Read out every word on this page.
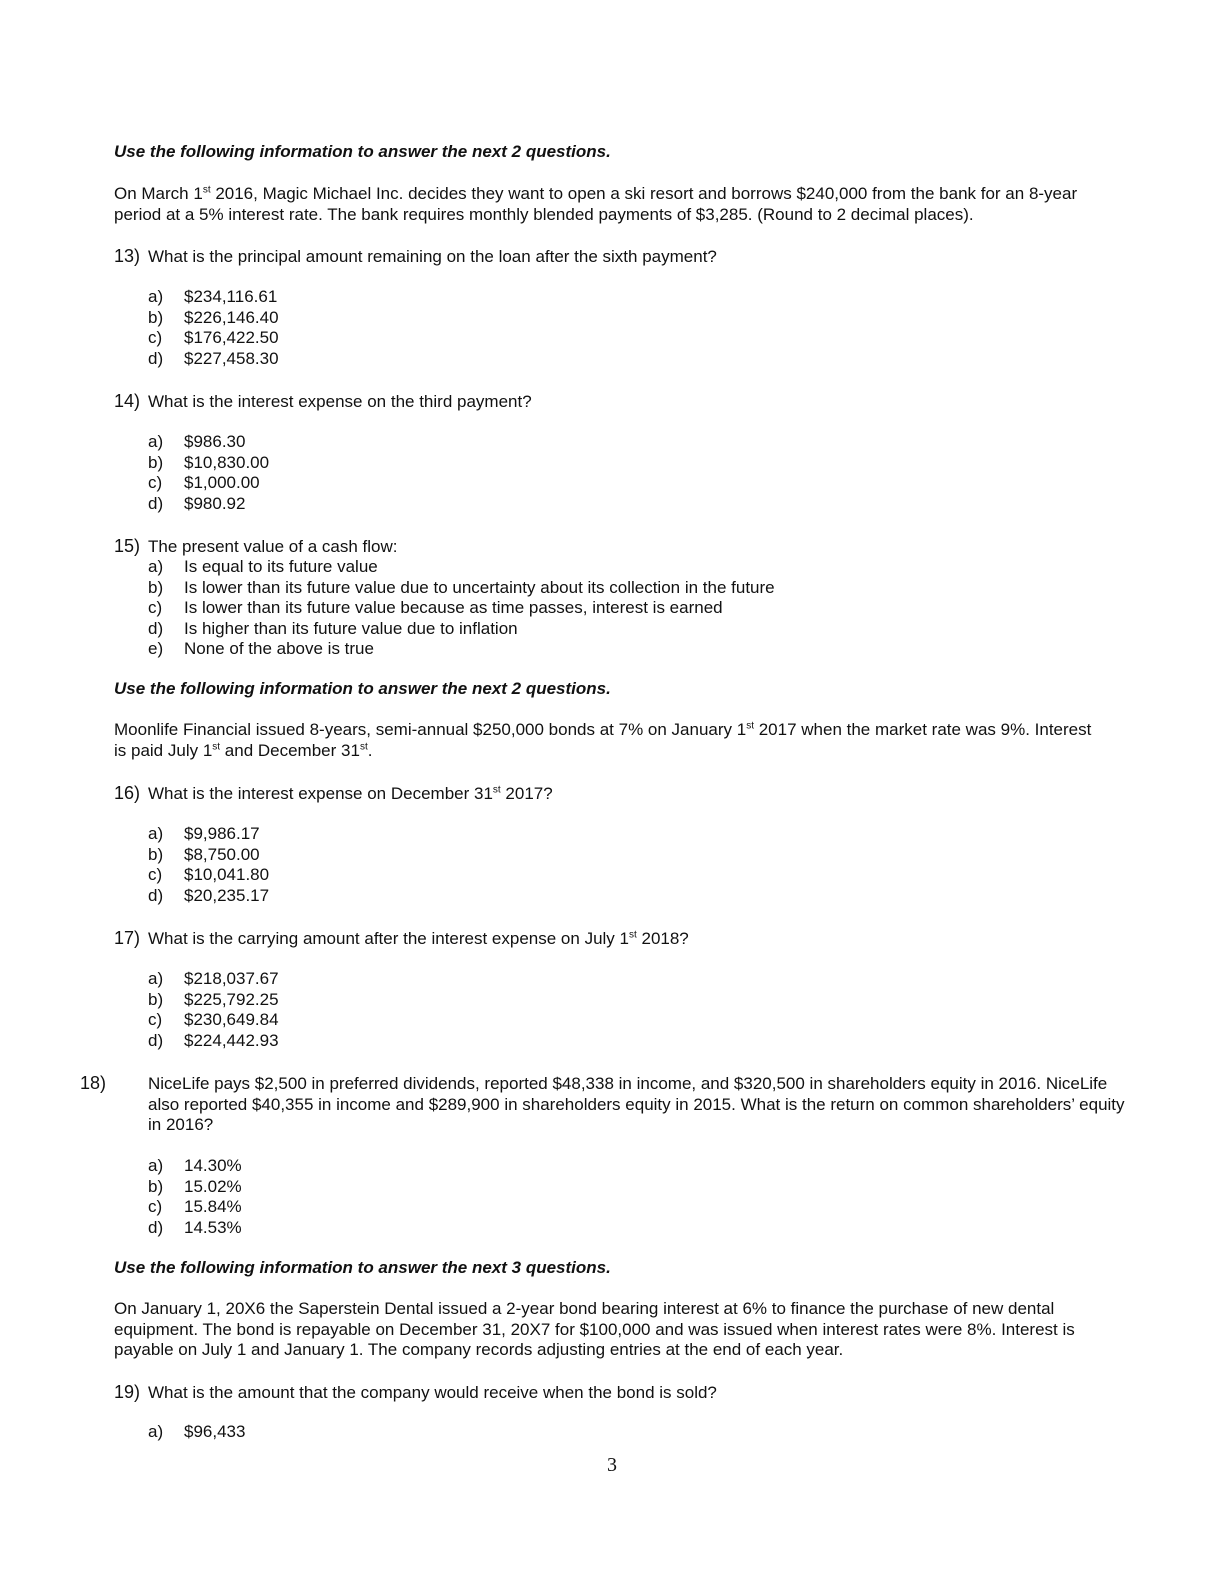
Use the following information to answer the next 2 questions.
On March 1st 2016, Magic Michael Inc. decides they want to open a ski resort and borrows $240,000 from the bank for an 8-year period at a 5% interest rate. The bank requires monthly blended payments of $3,285. (Round to 2 decimal places).
13) What is the principal amount remaining on the loan after the sixth payment?
a) $234,116.61
b) $226,146.40
c) $176,422.50
d) $227,458.30
14) What is the interest expense on the third payment?
a) $986.30
b) $10,830.00
c) $1,000.00
d) $980.92
15) The present value of a cash flow:
a) Is equal to its future value
b) Is lower than its future value due to uncertainty about its collection in the future
c) Is lower than its future value because as time passes, interest is earned
d) Is higher than its future value due to inflation
e) None of the above is true
Use the following information to answer the next 2 questions.
Moonlife Financial issued 8-years, semi-annual $250,000 bonds at 7% on January 1st 2017 when the market rate was 9%. Interest is paid July 1st and December 31st.
16) What is the interest expense on December 31st 2017?
a) $9,986.17
b) $8,750.00
c) $10,041.80
d) $20,235.17
17) What is the carrying amount after the interest expense on July 1st 2018?
a) $218,037.67
b) $225,792.25
c) $230,649.84
d) $224,442.93
18) NiceLife pays $2,500 in preferred dividends, reported $48,338 in income, and $320,500 in shareholders equity in 2016. NiceLife also reported $40,355 in income and $289,900 in shareholders equity in 2015. What is the return on common shareholders’ equity in 2016?
a) 14.30%
b) 15.02%
c) 15.84%
d) 14.53%
Use the following information to answer the next 3 questions.
On January 1, 20X6 the Saperstein Dental issued a 2-year bond bearing interest at 6% to finance the purchase of new dental equipment. The bond is repayable on December 31, 20X7 for $100,000 and was issued when interest rates were 8%. Interest is payable on July 1 and January 1. The company records adjusting entries at the end of each year.
19) What is the amount that the company would receive when the bond is sold?
a) $96,433
3
